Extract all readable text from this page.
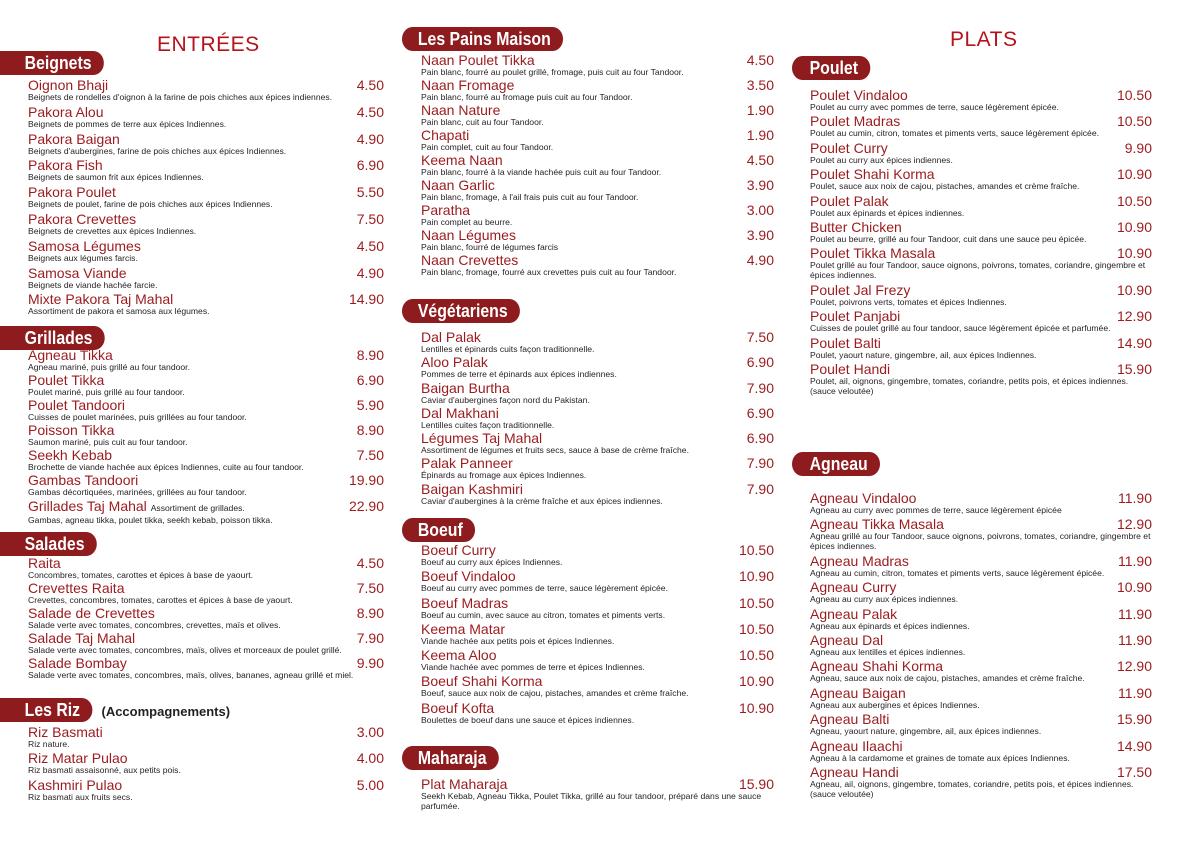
ENTRÉES
Beignets
Oignon Bhaji	4.50
Beignets de rondelles d'oignon à la farine de pois chiches aux épices indiennes.
Pakora Alou	4.50
Beignets de pommes de terre aux épices Indiennes.
Pakora Baigan	4.90
Beignets d'aubergines, farine de pois chiches aux épices Indiennes.
Pakora Fish	6.90
Beignets de saumon frit aux épices Indiennes.
Pakora Poulet	5.50
Beignets de poulet, farine de pois chiches aux épices Indiennes.
Pakora Crevettes	7.50
Beignets de crevettes aux épices Indiennes.
Samosa Légumes	4.50
Beignets aux légumes farcis.
Samosa Viande	4.90
Beignets de viande hachée farcie.
Mixte Pakora Taj Mahal	14.90
Assortiment de pakora et samosa aux légumes.
Grillades
Agneau Tikka	8.90
Agneau mariné, puis grillé au four tandoor.
Poulet Tikka	6.90
Poulet mariné, puis grillé au four tandoor.
Poulet Tandoori	5.90
Cuisses de poulet marinées, puis grillées au four tandoor.
Poisson Tikka	8.90
Saumon mariné, puis cuit au four tandoor.
Seekh Kebab	7.50
Brochette de viande hachée aux épices Indiennes, cuite au four tandoor.
Gambas Tandoori	19.90
Gambas décortiquées, marinées, grillées au four tandoor.
Grillades Taj Mahal Assortiment de grillades.	22.90
Gambas, agneau tikka, poulet tikka, seekh kebab, poisson tikka.
Salades
Raita	4.50
Concombres, tomates, carottes et épices à base de yaourt.
Crevettes Raita	7.50
Crevettes, concombres, tomates, carottes et épices à base de yaourt.
Salade de Crevettes	8.90
Salade verte avec tomates, concombres, crevettes, maïs et olives.
Salade Taj Mahal	7.90
Salade verte avec tomates, concombres, maïs, olives et morceaux de poulet grillé.
Salade Bombay	9.90
Salade verte avec tomates, concombres, maïs, olives, bananes, agneau grillé et miel.
Les Riz (Accompagnements)
Riz Basmati	3.00
Riz nature.
Riz Matar Pulao	4.00
Riz basmati assaisonné, aux petits pois.
Kashmiri Pulao	5.00
Riz basmati aux fruits secs.
Les Pains Maison
Naan Poulet Tikka	4.50
Pain blanc, fourré au poulet grillé, fromage, puis cuit au four Tandoor.
Naan Fromage	3.50
Pain blanc, fourré au fromage puis cuit au four Tandoor.
Naan Nature	1.90
Pain blanc, cuit au four Tandoor.
Chapati	1.90
Pain complet, cuit au four Tandoor.
Keema Naan	4.50
Pain blanc, fourré à la viande hachée puis cuit au four Tandoor.
Naan Garlic	3.90
Pain blanc, fromage, à l'ail frais puis cuit au four Tandoor.
Paratha	3.00
Pain complet au beurre.
Naan Légumes	3.90
Pain blanc, fourré de légumes farcis
Naan Crevettes	4.90
Pain blanc, fromage, fourré aux crevettes puis cuit au four Tandoor.
Végétariens
Dal Palak	7.50
Lentilles et épinards cuits façon traditionnelle.
Aloo Palak	6.90
Pommes de terre et épinards aux épices indiennes.
Baigan Burtha	7.90
Caviar d'aubergines façon nord du Pakistan.
Dal Makhani	6.90
Lentilles cuites façon traditionnelle.
Légumes Taj Mahal	6.90
Assortiment de légumes et fruits secs, sauce à base de crème fraîche.
Palak Panneer	7.90
Épinards au fromage aux épices Indiennes.
Baigan Kashmiri	7.90
Caviar d'aubergines à la crème fraîche et aux épices indiennes.
Boeuf
Boeuf Curry	10.50
Boeuf au curry aux épices Indiennes.
Boeuf Vindaloo	10.90
Boeuf au curry avec pommes de terre, sauce légèrement épicée.
Boeuf Madras	10.50
Boeuf au cumin, avec sauce au citron, tomates et piments verts.
Keema Matar	10.50
Viande hachée aux petits pois et épices Indiennes.
Keema Aloo	10.50
Viande hachée avec pommes de terre et épices Indiennes.
Boeuf Shahi Korma	10.90
Boeuf, sauce aux noix de cajou, pistaches, amandes et crème fraîche.
Boeuf Kofta	10.90
Boulettes de boeuf dans une sauce et épices indiennes.
Maharaja
Plat Maharaja	15.90
Seekh Kebab, Agneau Tikka, Poulet Tikka, grillé au four tandoor, préparé dans une sauce parfumée.
PLATS
Poulet
Poulet Vindaloo	10.50
Poulet au curry avec pommes de terre, sauce légèrement épicée.
Poulet Madras	10.50
Poulet au cumin, citron, tomates et piments verts, sauce légèrement épicée.
Poulet Curry	9.90
Poulet au curry aux épices indiennes.
Poulet Shahi Korma	10.90
Poulet, sauce aux noix de cajou, pistaches, amandes et crème fraîche.
Poulet Palak	10.50
Poulet aux épinards et épices indiennes.
Butter Chicken	10.90
Poulet au beurre, grillé au four Tandoor, cuit dans une sauce peu épicée.
Poulet Tikka Masala	10.90
Poulet grillé au four Tandoor, sauce oignons, poivrons, tomates, coriandre, gingembre et épices indiennes.
Poulet Jal Frezy	10.90
Poulet, poivrons verts, tomates et épices Indiennes.
Poulet Panjabi	12.90
Cuisses de poulet grillé au four tandoor, sauce légèrement épicée et parfumée.
Poulet Balti	14.90
Poulet, yaourt nature, gingembre, ail, aux épices Indiennes.
Poulet Handi	15.90
Poulet, ail, oignons, gingembre, tomates, coriandre, petits pois, et épices indiennes. (sauce veloutée)
Agneau
Agneau Vindaloo	11.90
Agneau au curry avec pommes de terre, sauce légèrement épicée
Agneau Tikka Masala	12.90
Agneau grillé au four Tandoor, sauce oignons, poivrons, tomates, coriandre, gingembre et épices indiennes.
Agneau Madras	11.90
Agneau au cumin, citron, tomates et piments verts, sauce légèrement épicée.
Agneau Curry	10.90
Agneau au curry aux épices indiennes.
Agneau Palak	11.90
Agneau aux épinards et épices indiennes.
Agneau Dal	11.90
Agneau aux lentilles et épices indiennes.
Agneau Shahi Korma	12.90
Agneau, sauce aux noix de cajou, pistaches, amandes et crème fraîche.
Agneau Baigan	11.90
Agneau aux aubergines et épices Indiennes.
Agneau Balti	15.90
Agneau, yaourt nature, gingembre, ail, aux épices indiennes.
Agneau Ilaachi	14.90
Agneau à la cardamome et graines de tomate aux épices Indiennes.
Agneau Handi	17.50
Agneau, ail, oignons, gingembre, tomates, coriandre, petits pois, et épices indiennes. (sauce veloutée)
